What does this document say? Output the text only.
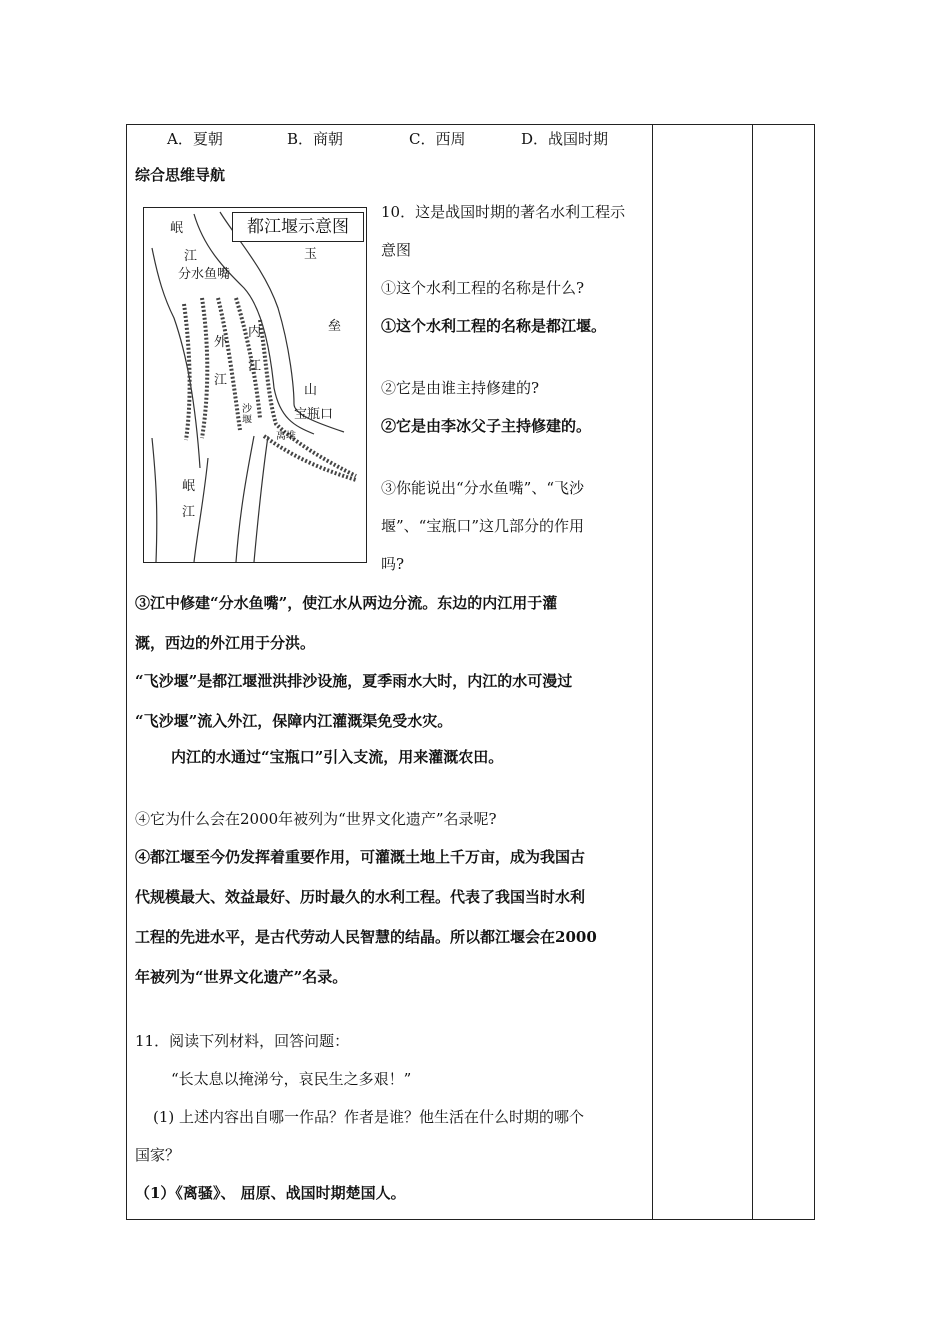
A．夏朝	B．商朝	C．西周	D．战国时期
综合思维导航
都江堰示意图
岷
江
分水鱼嘴
外
江
内
江
沙堰
离堆
玉
垒
山
宝瓶口
岷
江
10．这是战国时期的著名水利工程示
意图
①这个水利工程的名称是什么?
①这个水利工程的名称是都江堰。
②它是由谁主持修建的?
②它是由李冰父子主持修建的。
③你能说出“分水鱼嘴”、“飞沙
堰”、“宝瓶口”这几部分的作用
吗?
③江中修建“分水鱼嘴”，使江水从两边分流。东边的内江用于灌
溉，西边的外江用于分洪。
“飞沙堰”是都江堰泄洪排沙设施，夏季雨水大时，内江的水可漫过
“飞沙堰”流入外江，保障内江灌溉渠免受水灾。
内江的水通过“宝瓶口”引入支流，用来灌溉农田。
④它为什么会在2000年被列为“世界文化遗产”名录呢?
④都江堰至今仍发挥着重要作用，可灌溉土地上千万亩，成为我国古
代规模最大、效益最好、历时最久的水利工程。代表了我国当时水利
工程的先进水平，是古代劳动人民智慧的结晶。所以都江堰会在2000
年被列为“世界文化遗产”名录。
11．阅读下列材料，回答问题：
“长太息以掩涕兮，哀民生之多艰！”
(1) 上述内容出自哪一作品？作者是谁？他生活在什么时期的哪个
国家？
（1）《离骚》、 屈原、战国时期楚国人。
